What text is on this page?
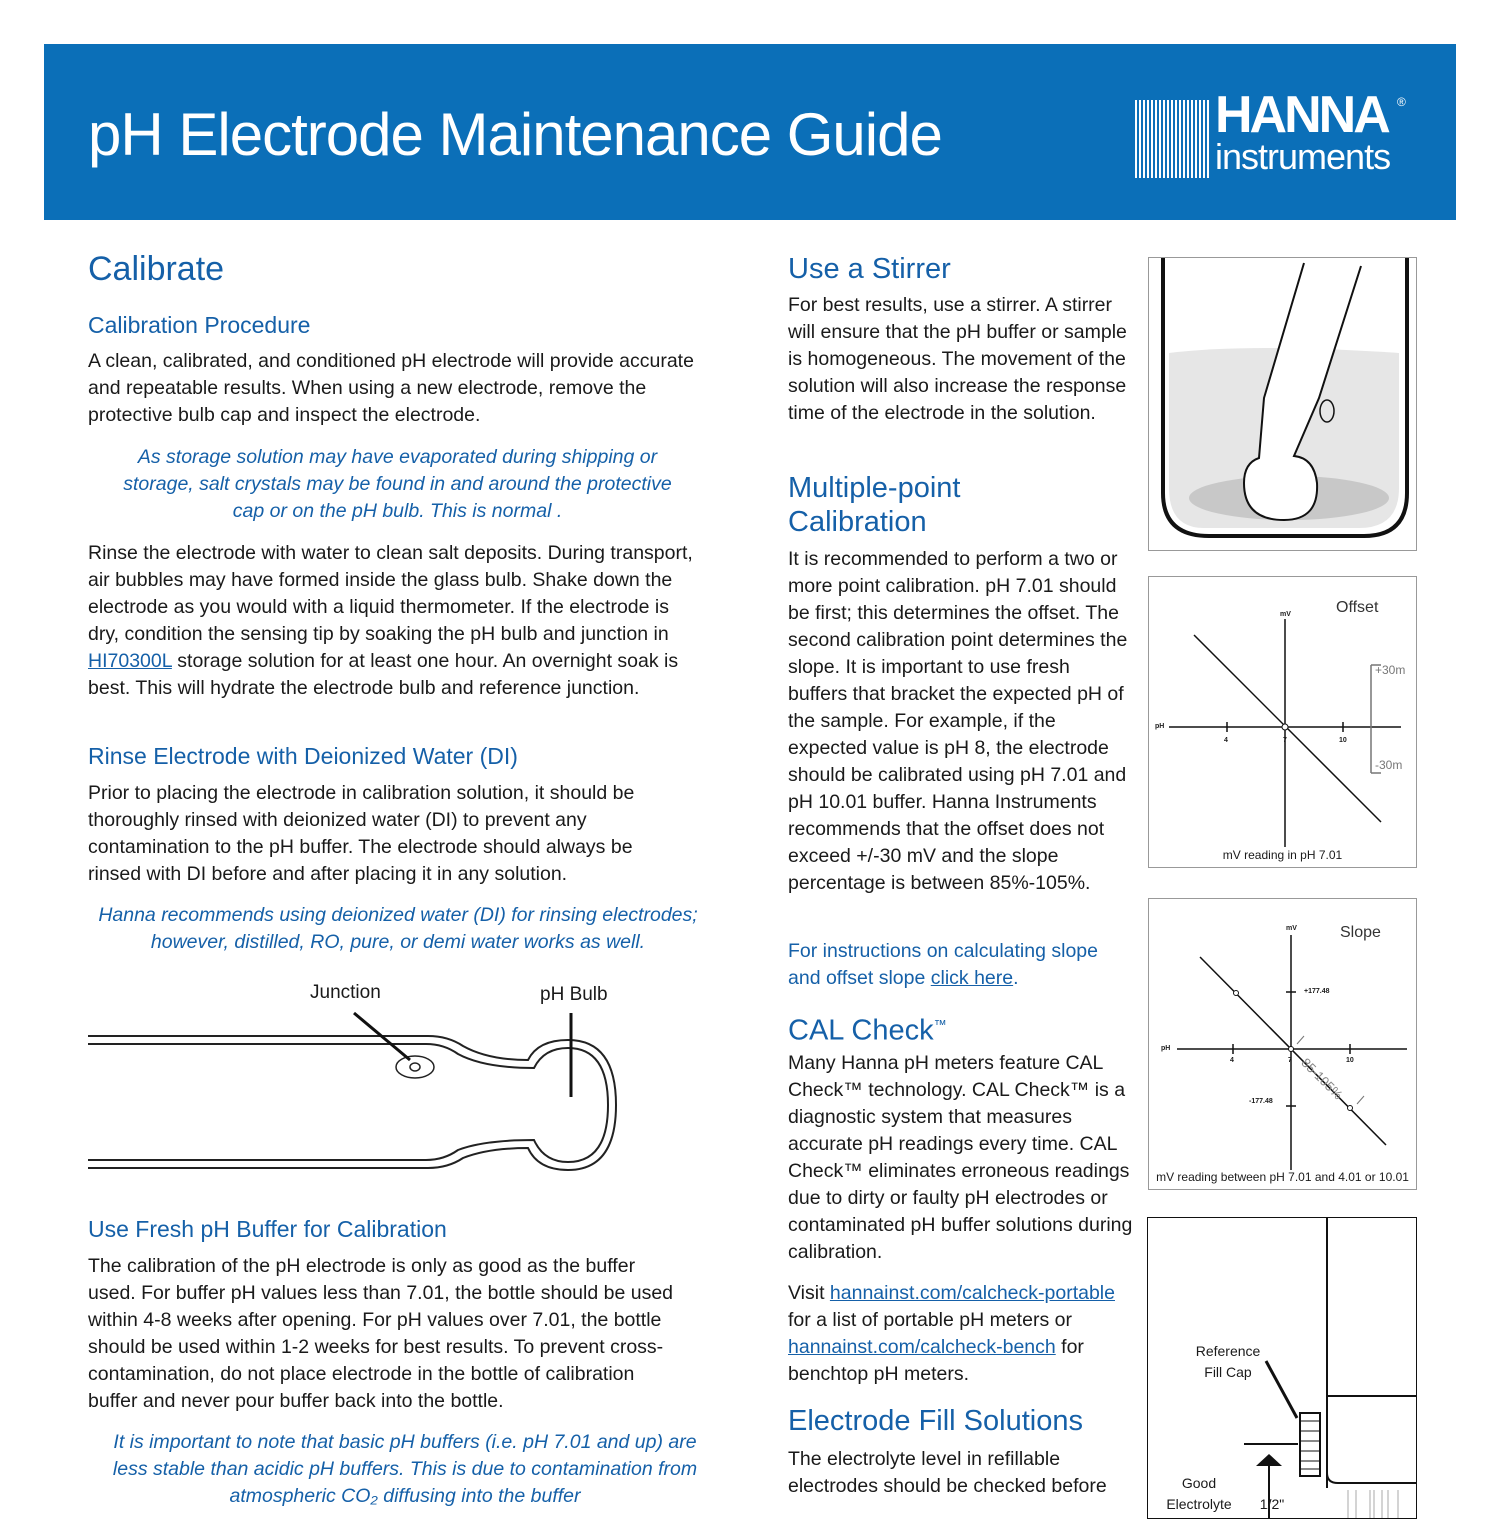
pH Electrode Maintenance Guide	HANNA
instruments
®
Calibrate
Calibration Procedure

A clean, calibrated, and conditioned pH electrode will provide accurate and repeatable results. When using a new electrode, remove the protective bulb cap and inspect the electrode.

As storage solution may have evaporated during shipping or storage, salt crystals may be found in and around the protective cap or on the pH bulb. This is normal .

Rinse the electrode with water to clean salt deposits. During transport, air bubbles may have formed inside the glass bulb. Shake down the electrode as you would with a liquid thermometer. If the electrode is dry, condition the sensing tip by soaking the pH bulb and junction in HI70300L storage solution for at least one hour. An overnight soak is best. This will hydrate the electrode bulb and reference junction.

Rinse Electrode with Deionized Water (DI)

Prior to placing the electrode in calibration solution, it should be thoroughly rinsed with deionized water (DI) to prevent any contamination to the pH buffer. The electrode should always be rinsed with DI before and after placing it in any solution.

Hanna recommends using deionized water (DI) for rinsing electrodes; however, distilled, RO, pure, or demi water works as well.

Junction	pH Bulb
Use Fresh pH Buffer for Calibration

The calibration of the pH electrode is only as good as the buffer used. For buffer pH values less than 7.01, the bottle should be used within 4-8 weeks after opening. For pH values over 7.01, the bottle should be used within 1-2 weeks for best results. To prevent cross-contamination, do not place electrode in the bottle of calibration buffer and never pour buffer back into the bottle.

It is important to note that basic pH buffers (i.e. pH 7.01 and up) are less stable than acidic pH buffers. This is due to contamination from atmospheric CO₂ diffusing into the buffer

Use a Stirrer

For best results, use a stirrer. A stirrer will ensure that the pH buffer or sample is homogeneous. The movement of the solution will also increase the response time of the electrode in the solution.

Multiple-point Calibration

It is recommended to perform a two or more point calibration. pH 7.01 should be first; this determines the offset. The second calibration point determines the slope. It is important to use fresh buffers that bracket the expected pH of the sample. For example, if the expected value is pH 8, the electrode should be calibrated using pH 7.01 and pH 10.01 buffer. Hanna Instruments recommends that the offset does not exceed +/-30 mV and the slope percentage is between 85%-105%.

For instructions on calculating slope and offset slope click here.

CAL Check™

Many Hanna pH meters feature CAL Check™ technology. CAL Check™ is a diagnostic system that measures accurate pH readings every time. CAL Check™ eliminates erroneous readings due to dirty or faulty pH electrodes or contaminated pH buffer solutions during calibration.

Visit hannainst.com/calcheck-portable for a list of portable pH meters or hannainst.com/calcheck-bench for benchtop pH meters.

Electrode Fill Solutions

The electrolyte level in refillable electrodes should be checked before

mV	Offset
pH
4	7	10
+30m
-30m
mV reading in pH 7.01
mV	Slope
pH
4	7	10
+177.48
-177.48 85-105%
mV reading between pH 7.01 and 4.01 or 10.01
Reference
Fill Cap
Good
Electrolyte	1/2"
